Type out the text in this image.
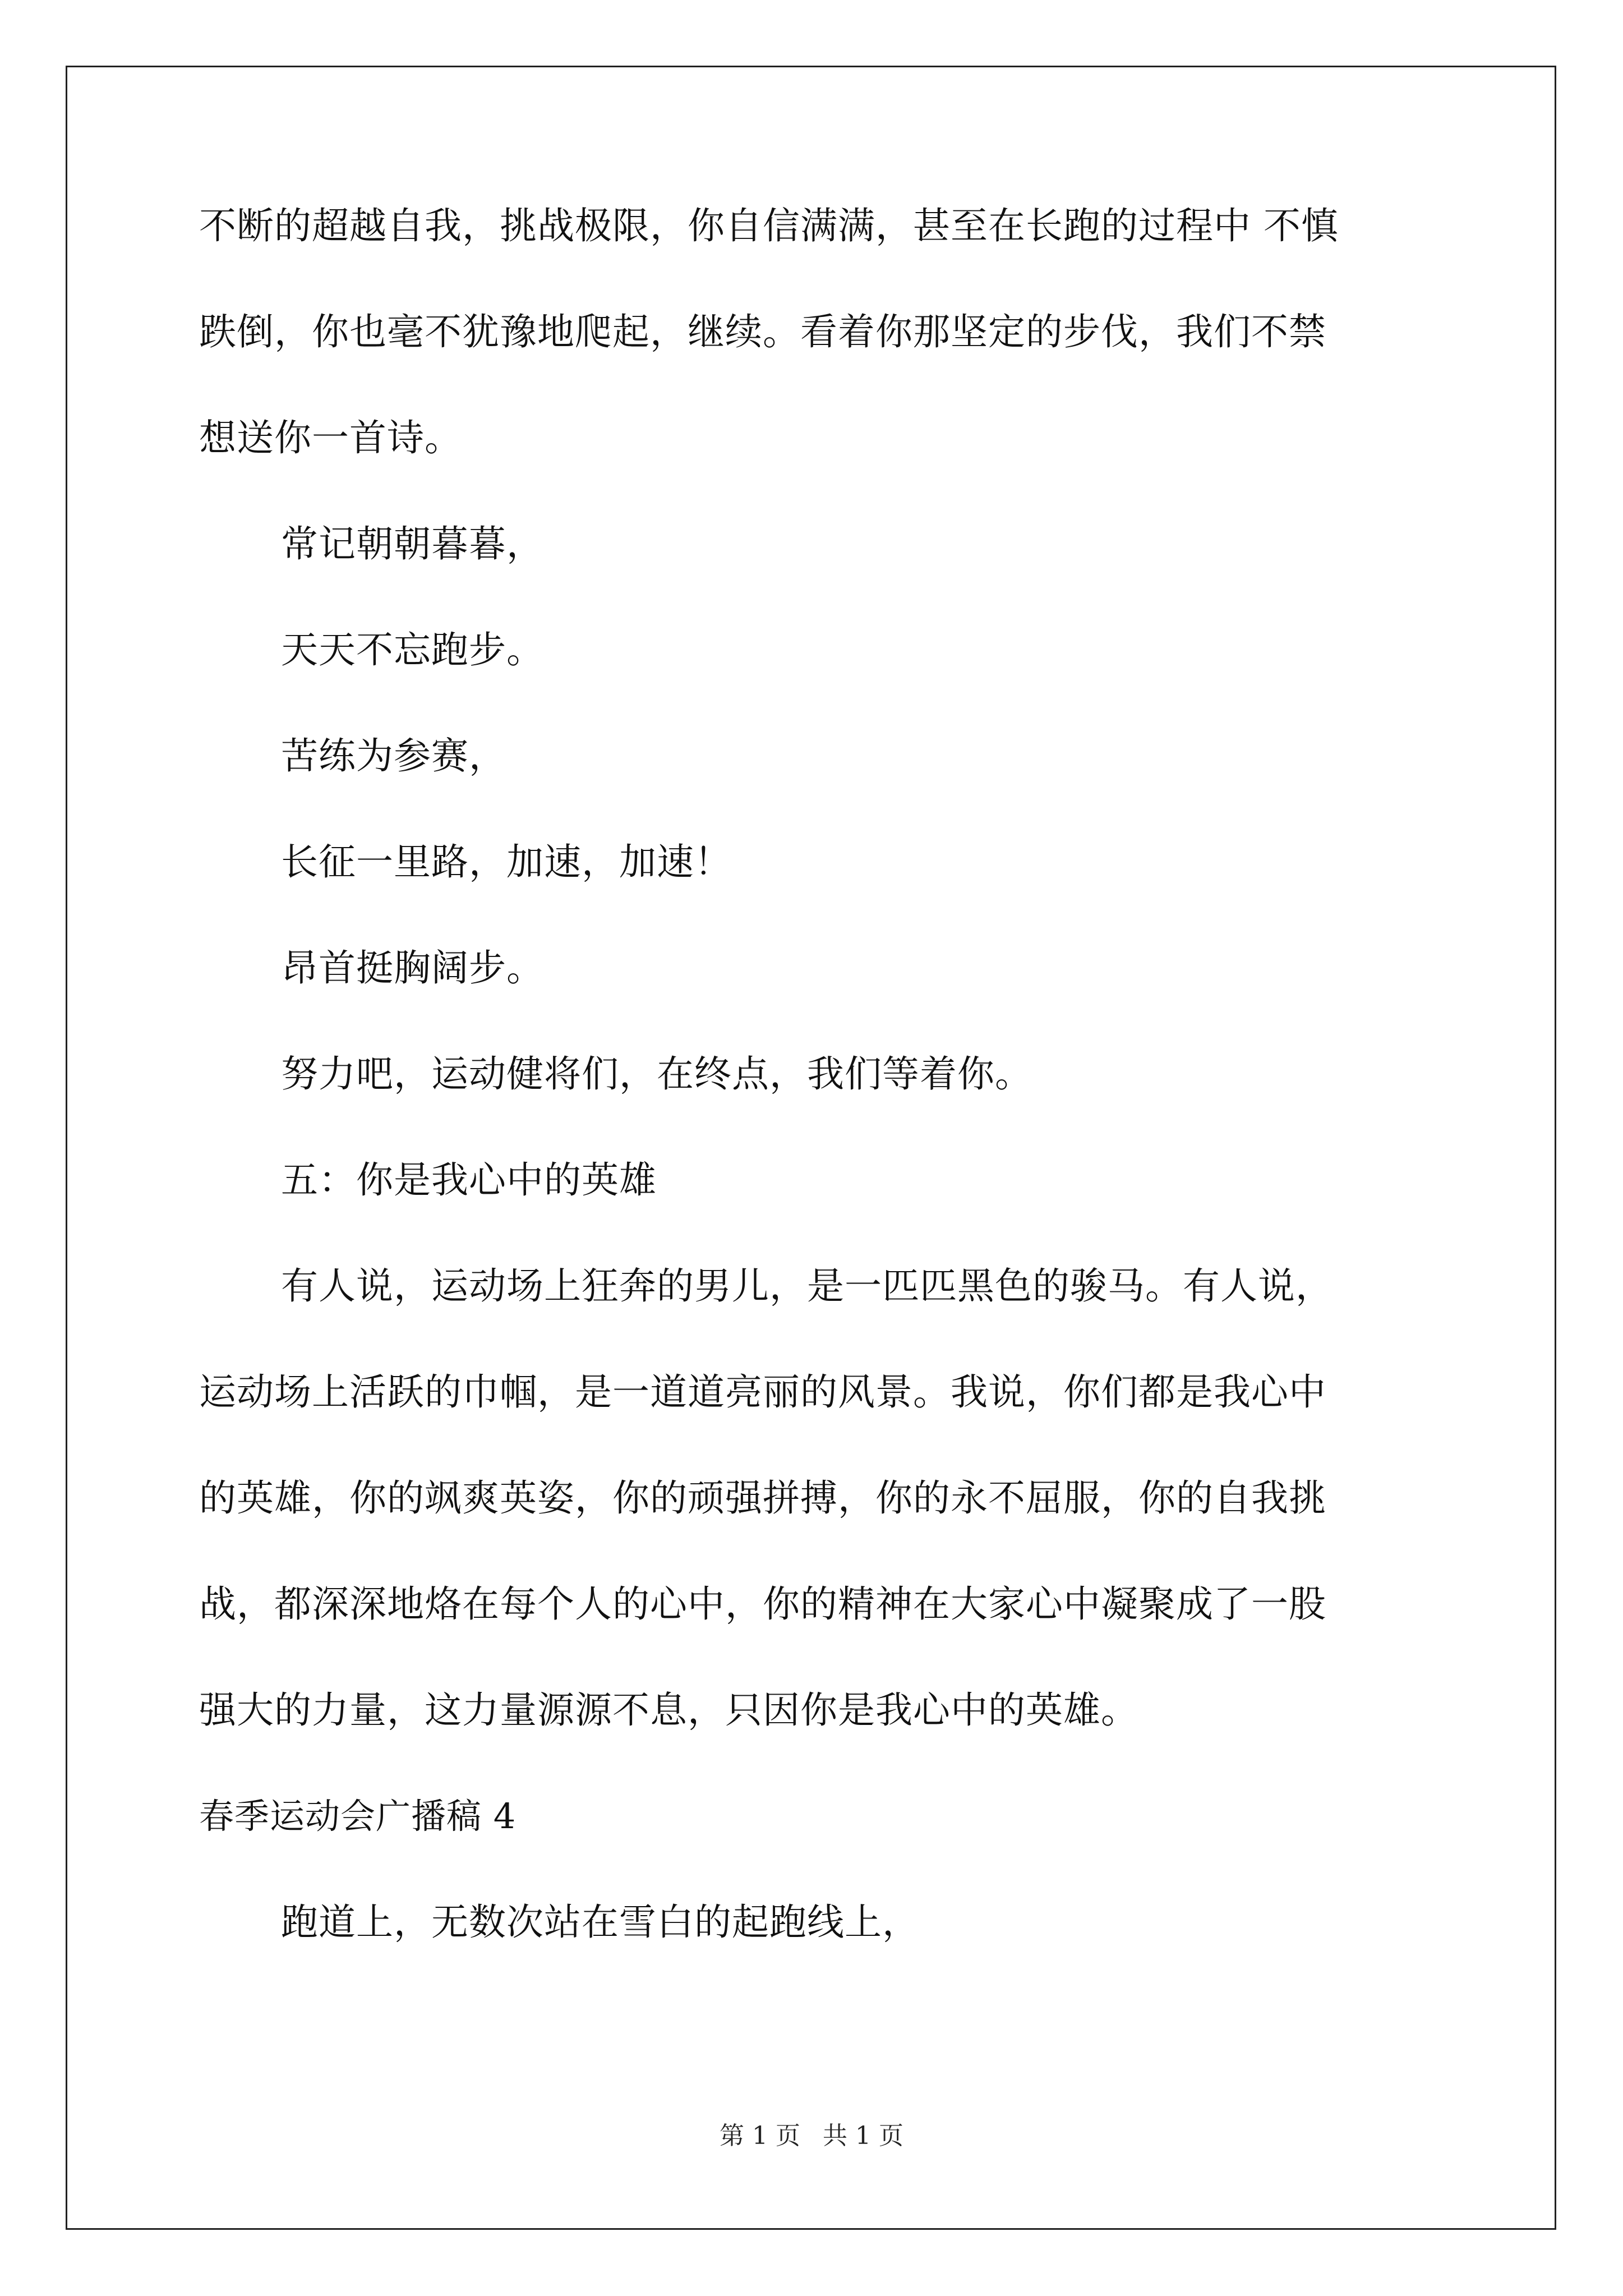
不断的超越自我，挑战极限，你自信满满，甚至在长跑的过程中 不慎
跌倒，你也毫不犹豫地爬起，继续。看着你那坚定的步伐，我们不禁
想送你一首诗。
常记朝朝暮暮，
天天不忘跑步。
苦练为参赛，
长征一里路，加速，加速！
昂首挺胸阔步。
努力吧，运动健将们，在终点，我们等着你。
五：你是我心中的英雄
有人说，运动场上狂奔的男儿，是一匹匹黑色的骏马。有人说，
运动场上活跃的巾帼，是一道道亮丽的风景。我说，你们都是我心中
的英雄，你的飒爽英姿，你的顽强拼搏，你的永不屈服，你的自我挑
战，都深深地烙在每个人的心中，你的精神在大家心中凝聚成了一股
强大的力量，这力量源源不息，只因你是我心中的英雄。
春季运动会广播稿 4
跑道上，无数次站在雪白的起跑线上，
第 1 页 共 1 页
